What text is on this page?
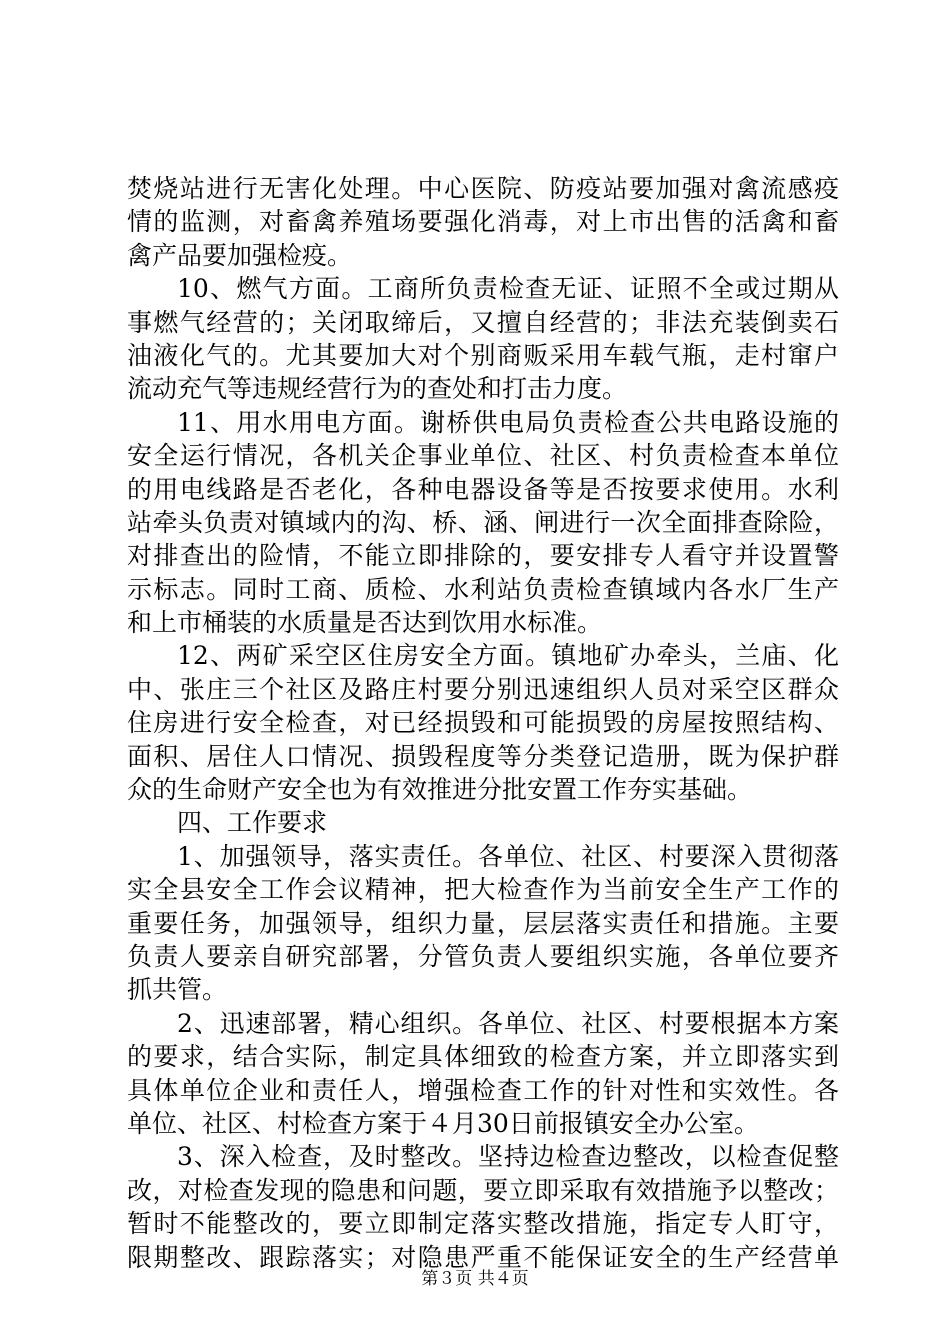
焚烧站进行无害化处理。中心医院、防疫站要加强对禽流感疫
情的监测，对畜禽养殖场要强化消毒，对上市出售的活禽和畜
禽产品要加强检疫。
10、燃气方面。工商所负责检查无证、证照不全或过期从
事燃气经营的；关闭取缔后，又擅自经营的；非法充装倒卖石
油液化气的。尤其要加大对个别商贩采用车载气瓶，走村窜户
流动充气等违规经营行为的查处和打击力度。
11、用水用电方面。谢桥供电局负责检查公共电路设施的
安全运行情况，各机关企事业单位、社区、村负责检查本单位
的用电线路是否老化，各种电器设备等是否按要求使用。水利
站牵头负责对镇域内的沟、桥、涵、闸进行一次全面排查除险，
对排查出的险情，不能立即排除的，要安排专人看守并设置警
示标志。同时工商、质检、水利站负责检查镇域内各水厂生产
和上市桶装的水质量是否达到饮用水标准。
12、两矿采空区住房安全方面。镇地矿办牵头，兰庙、化
中、张庄三个社区及路庄村要分别迅速组织人员对采空区群众
住房进行安全检查，对已经损毁和可能损毁的房屋按照结构、
面积、居住人口情况、损毁程度等分类登记造册，既为保护群
众的生命财产安全也为有效推进分批安置工作夯实基础。
四、工作要求
1、加强领导，落实责任。各单位、社区、村要深入贯彻落
实全县安全工作会议精神，把大检查作为当前安全生产工作的
重要任务，加强领导，组织力量，层层落实责任和措施。主要
负责人要亲自研究部署，分管负责人要组织实施，各单位要齐
抓共管。
2、迅速部署，精心组织。各单位、社区、村要根据本方案
的要求，结合实际，制定具体细致的检查方案，并立即落实到
具体单位企业和责任人，增强检查工作的针对性和实效性。各
单位、社区、村检查方案于４月30日前报镇安全办公室。
3、深入检查，及时整改。坚持边检查边整改，以检查促整
改，对检查发现的隐患和问题，要立即采取有效措施予以整改；
暂时不能整改的，要立即制定落实整改措施，指定专人盯守，
限期整改、跟踪落实；对隐患严重不能保证安全的生产经营单
第３页 共４页
